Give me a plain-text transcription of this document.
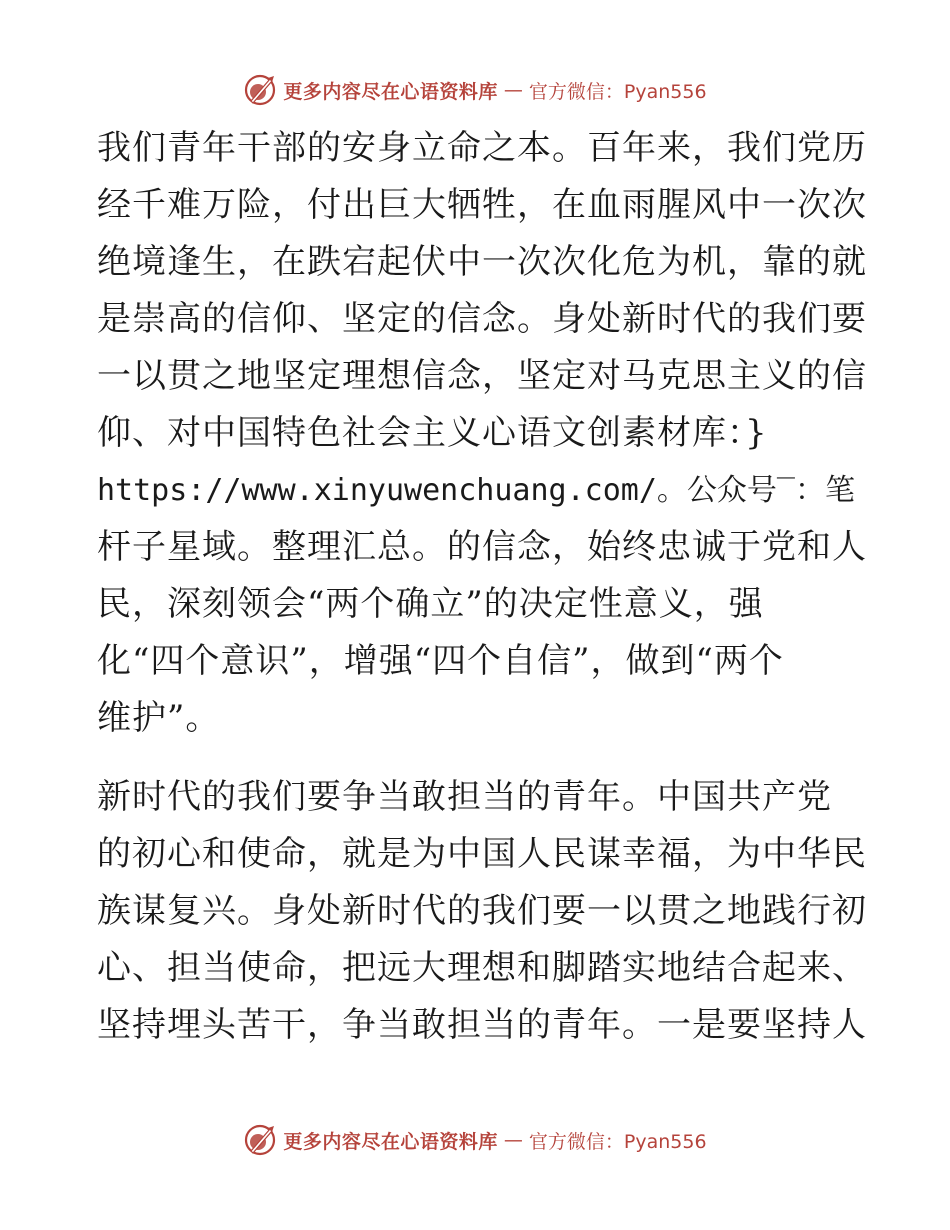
更多内容尽在心语资料库 — 官方微信：Pyan556
我们青年干部的安身立命之本。百年来，我们党历
经千难万险，付出巨大牺牲，在血雨腥风中一次次
绝境逢生，在跌宕起伏中一次次化危为机，靠的就
是崇高的信仰、坚定的信念。身处新时代的我们要
一以贯之地坚定理想信念，坚定对马克思主义的信
仰、对中国特色社会主义心语文创素材库：}
https://www.xinyuwenchuang.com/。公众号‾：笔
杆子星域。整理汇总。的信念，始终忠诚于党和人
民，深刻领会“两个确立”的决定性意义，强
化“四个意识”，增强“四个自信”，做到“两个
维护”。
新时代的我们要争当敢担当的青年。中国共产党
的初心和使命，就是为中国人民谋幸福，为中华民
族谋复兴。身处新时代的我们要一以贯之地践行初
心、担当使命，把远大理想和脚踏实地结合起来、
坚持埋头苦干，争当敢担当的青年。一是要坚持人
更多内容尽在心语资料库 — 官方微信：Pyan556
